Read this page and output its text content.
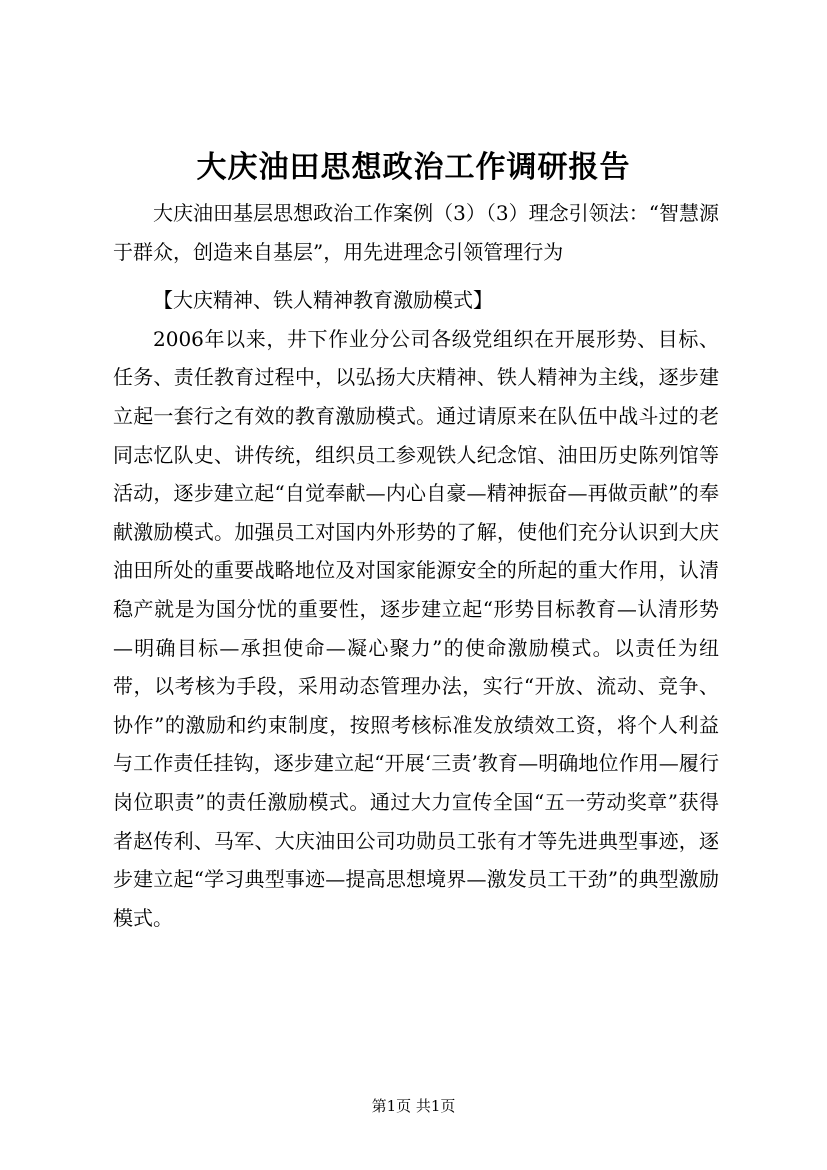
大庆油田思想政治工作调研报告

大庆油田基层思想政治工作案例（3）（3）理念引领法：“智慧源于群众，创造来自基层”，用先进理念引领管理行为

【大庆精神、铁人精神教育激励模式】

2006年以来，井下作业分公司各级党组织在开展形势、目标、任务、责任教育过程中，以弘扬大庆精神、铁人精神为主线，逐步建立起一套行之有效的教育激励模式。通过请原来在队伍中战斗过的老同志忆队史、讲传统，组织员工参观铁人纪念馆、油田历史陈列馆等活动，逐步建立起“自觉奉献—内心自豪—精神振奋—再做贡献”的奉献激励模式。加强员工对国内外形势的了解，使他们充分认识到大庆油田所处的重要战略地位及对国家能源安全的所起的重大作用，认清稳产就是为国分忧的重要性，逐步建立起“形势目标教育—认清形势—明确目标—承担使命—凝心聚力”的使命激励模式。以责任为纽带，以考核为手段，采用动态管理办法，实行“开放、流动、竞争、协作”的激励和约束制度，按照考核标准发放绩效工资，将个人利益与工作责任挂钩，逐步建立起“开展‘三责’教育—明确地位作用—履行岗位职责”的责任激励模式。通过大力宣传全国“五一劳动奖章”获得者赵传利、马军、大庆油田公司功勋员工张有才等先进典型事迹，逐步建立起“学习典型事迹—提高思想境界—激发员工干劲”的典型激励模式。

第1页 共1页
